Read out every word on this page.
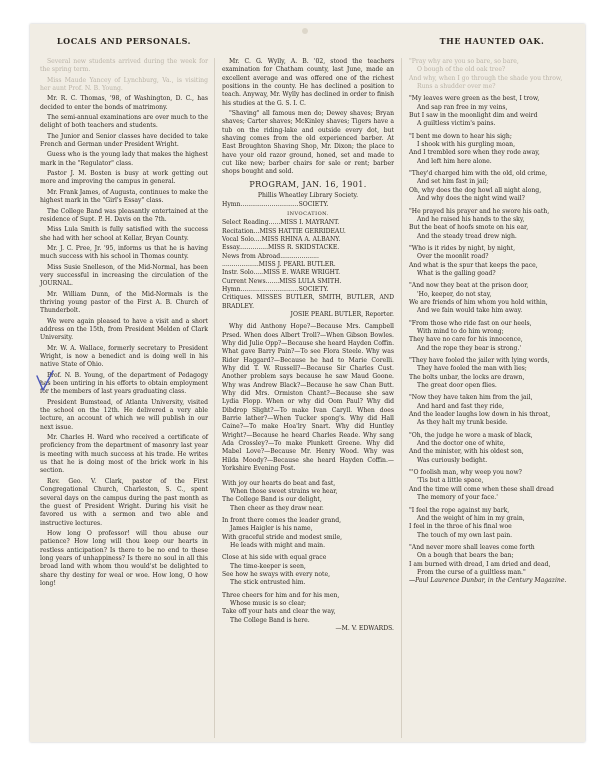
LOCALS AND PERSONALS.	THE HAUNTED OAK.

Several new students arrived during the week for the spring term.

Miss Maude Yancey of Lynchburg, Va., is visiting her aunt Prof. N. B. Young.

Mr. R. C. Thomas, '98, of Washington, D. C., has decided to enter the bonds of matrimony.

The semi-annual examinations are over much to the delight of both teachers and students.

The Junior and Senior classes have decided to take French and German under President Wright.

Guess who is the young lady that makes the highest mark in the "Regulator" class.

Pastor J. M. Bosten is busy at work getting out more and improving the campus in general.

Mr. Frank James, of Augusta, continues to make the highest mark in the "Girl's Essay" class.

The College Band was pleasantly entertained at the residence of Supt. P. H. Davis on the 7th.

Miss Lula Smith is fully satisfied with the success she had with her school at Kellar, Bryan County.

Mr. J. C. Pree, Jr. '95, informs us that he is having much success with his school in Thomas county.

Miss Susie Snelleson, of the Mid-Normal, has been very successful in increasing the circulation of the JOURNAL.

Mr. William Dunn, of the Mid-Normals is the thriving young pastor of the First A. B. Church of Thunderbolt.

We were again pleased to have a visit and a short address on the 15th, from President Melden of Clark University.

Mr. W. A. Wallace, formerly secretary to President Wright, is now a benedict and is doing well in his native State of Ohio.

Prof. N. B. Young, of the department of Pedagogy has been untiring in his efforts to obtain employment for the members of last years graduating class.

President Bumstead, of Atlanta University, visited the school on the 12th. He delivered a very able lecture, an account of which we will publish in our next issue.

Mr. Charles H. Ward who received a certificate of proficiency from the department of masonry last year is meeting with much success at his trade. He writes us that he is doing most of the brick work in his section.

Rev. Geo. V. Clark, pastor of the First Congregational Church, Charleston, S. C., spent several days on the campus during the past month as the guest of President Wright. During his visit he favored us with a sermon and two able and instructive lectures.

How long O professor! will thou abuse our patience? How long will thou keep our hearts in restless anticipation? Is there to be no end to these long years of unhappiness? Is there no soul in all this broad land with whom thou would'st be delighted to share thy destiny for weal or woe. How long, O how long!

Mr. C. G. Wylly, A. B. '02, stood the teachers examination for Chatham county, last June, made an excellent average and was offered one of the richest positions in the county. He has declined a position to teach. Anyway, Mr. Wylly has declined in order to finish his studies at the G. S. I. C.

"Shaving" all famous men do; Dewey shaves; Bryan shaves; Carter shaves; McKinley shaves; Tigers have a tub on the riding-lake and outside every dot, but shaving comes from the old experienced barber. At East Broughton Shaving Shop, Mr. Dixon; the place to have your old razor ground, honed, set and made to cut like new; barber chairs for sale or rent; barber shops bought and sold.

PROGRAM, JAN. 16, 1901.
Phillis Wheatley Library Society.
Hymn..............................SOCIETY.
INVOCATION.
Select Reading......MISS I. MAYRANT.
Recitation...MISS HATTIE GERRIDEAU.
Vocal Solo....MISS RHINA A. ALBANY.
Essay...............MISS R. SKIDSTACKE.
News from Abroad....................
...................MISS J. PEARL BUTLER.
Instr. Solo.....MISS E. WARE WRIGHT.
Current News.......MISS LULA SMITH.
Hymn..............................SOCIETY.
Critiques. MISSES BUTLER, SMITH, BUTLER, AND BRADLEY.
JOSIE PEARL BUTLER, Reporter.

Why did Anthony Hope?—Because Mrs. Campbell Prsed. When does Albert Troll?—When Gibson Bowles. Why did Julie Opp?—Because she heard Hayden Coffin. What gave Barry Pain?—To see Flora Steele. Why was Rider Haggard?—Because he had to Marie Corelli. Why did T. W. Russell?—Because Sir Charles Cust. Another problem says because he saw Maud Goone. Why was Andrew Black?—Because he saw Chan Butt. Why did Mrs. Ormiston Chant?—Because she saw Lydia Flopp. When or why did Oom Paul? Why did Dibdrop Slight?—To make Ivan Caryll. When does Barrie lather?—When Tucker spong's. Why did Hall Caine?—To make Hoa'lry Snart. Why did Huntley Wright?—Because he heard Charles Reade. Why sang Ada Crossley?—To make Plunkett Greene. Why did Mabel Love?—Because Mr. Henry Wood. Why was Hilda Moody?—Because she heard Hayden Coffin.—Yorkshire Evening Post.

With joy our hearts do beat and fast,
When those sweet strains we hear,
The College Band is our delight,
Then cheer as they draw near.
In front there comes the leader grand,
James Haigler is his name,
With graceful stride and modest smile,
He leads with might and main.
Close at his side with equal grace
The time-keeper is seen,
See how he sways with every note,
The stick entrusted him.
Three cheers for him and for his men,
Whose music is so clear;
Take off your hats and clear the way,
The College Band is here.
—M. V. EDWARDS.
"Pray why are you so bare, so bare,
O bough of the old oak tree?
And why, when I go through the shade you throw,
Runs a shudder over me?
"My leaves were green as the best, I trow,
And sap ran free in my veins,
But I saw in the moonlight dim and weird
A guiltless victim's pains.
"I bent me down to hear his sigh;
I shook with his gurgling moan,
And I trembled sore when they rode away,
And left him here alone.
"They'd charged him with the old, old crime,
And set him fast in jail;
Oh, why does the dog howl all night along,
And why does the night wind wail?
"He prayed his prayer and he swore his oath,
And he raised his hands to the sky,
But the beat of hoofs smote on his ear,
And the steady tread drew nigh.
"Who is it rides by night, by night,
Over the moonlit road?
And what is the spur that keeps the pace,
What is the galling goad?
"And now they beat at the prison door,
'Ho, keeper, do not stay,
We are friends of him whom you hold within,
And we fain would take him away.
"From those who ride fast on our heels,
With mind to do him wrong;
They have no care for his innocence,
And the rope they bear is strong.'
"They have fooled the jailer with lying words,
They have fooled the man with lies;
The bolts unbar, the locks are drawn,
The great door open flies.
"Now they have taken him from the jail,
And hard and fast they ride,
And the leader laughs low down in his throat,
As they halt my trunk beside.
"Oh, the judge he wore a mask of black,
And the doctor one of white,
And the minister, with his oldest son,
Was curiously bedight.
"'O foolish man, why weep you now?
'Tis but a little space,
And the time will come when these shall dread
The memory of your face.'
"I feel the rope against my bark,
And the weight of him in my grain,
I feel in the throe of his final woe
The touch of my own last pain.
"And never more shall leaves come forth
On a bough that bears the ban;
I am burned with dread, I am dried and dead,
From the curse of a guiltless man."
—Paul Laurence Dunbar, in the Century Magazine.
